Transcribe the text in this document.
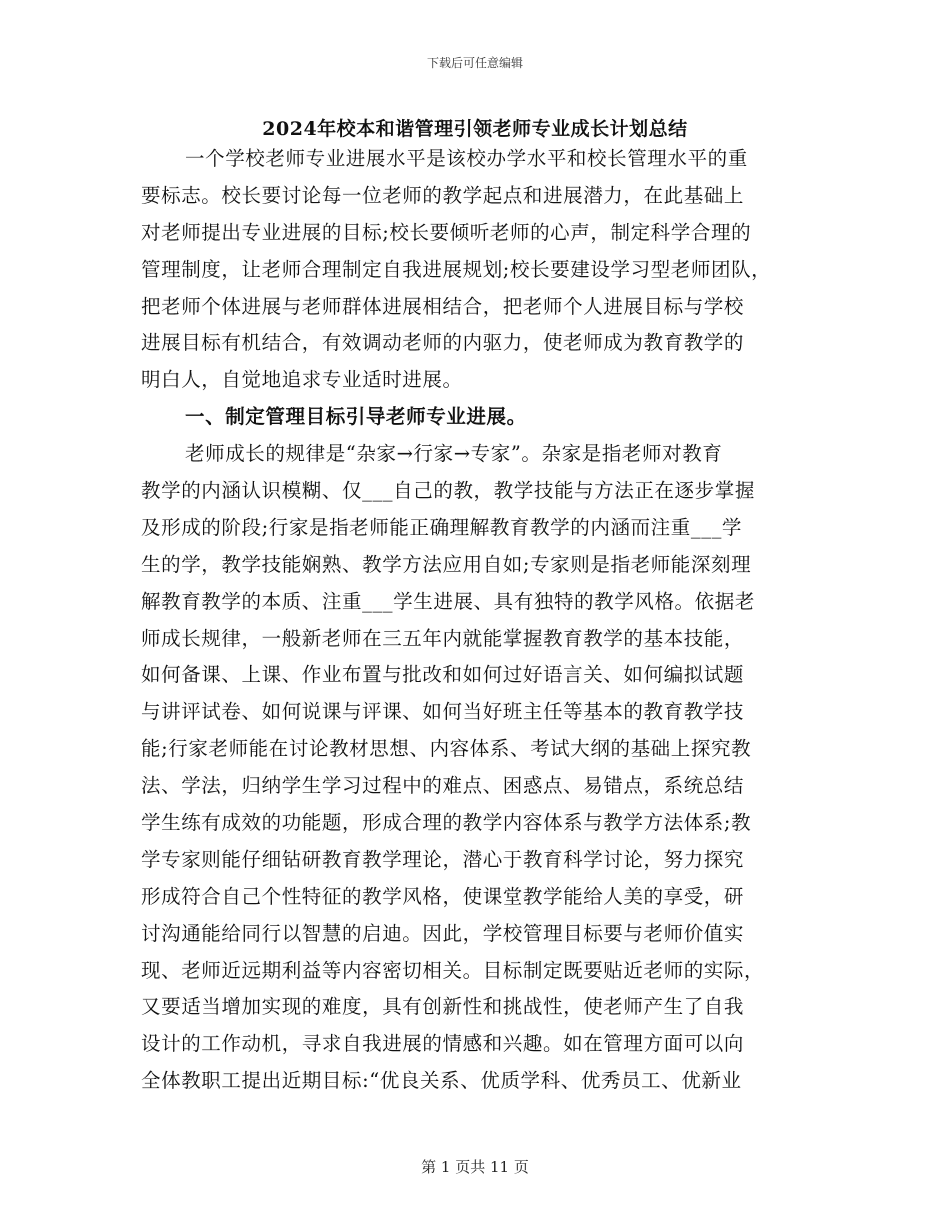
下载后可任意编辑
2024年校本和谐管理引领老师专业成长计划总结
一个学校老师专业进展水平是该校办学水平和校长管理水平的重
要标志。校长要讨论每一位老师的教学起点和进展潜力，在此基础上
对老师提出专业进展的目标;校长要倾听老师的心声，制定科学合理的
管理制度，让老师合理制定自我进展规划;校长要建设学习型老师团队，
把老师个体进展与老师群体进展相结合，把老师个人进展目标与学校
进展目标有机结合，有效调动老师的内驱力，使老师成为教育教学的
明白人，自觉地追求专业适时进展。
一、制定管理目标引导老师专业进展。
老师成长的规律是“杂家→行家→专家”。杂家是指老师对教育
教学的内涵认识模糊、仅___自己的教，教学技能与方法正在逐步掌握
及形成的阶段;行家是指老师能正确理解教育教学的内涵而注重___学
生的学，教学技能娴熟、教学方法应用自如;专家则是指老师能深刻理
解教育教学的本质、注重___学生进展、具有独特的教学风格。依据老
师成长规律，一般新老师在三五年内就能掌握教育教学的基本技能，
如何备课、上课、作业布置与批改和如何过好语言关、如何编拟试题
与讲评试卷、如何说课与评课、如何当好班主任等基本的教育教学技
能;行家老师能在讨论教材思想、内容体系、考试大纲的基础上探究教
法、学法，归纳学生学习过程中的难点、困惑点、易错点，系统总结
学生练有成效的功能题，形成合理的教学内容体系与教学方法体系;教
学专家则能仔细钻研教育教学理论，潜心于教育科学讨论，努力探究
形成符合自己个性特征的教学风格，使课堂教学能给人美的享受，研
讨沟通能给同行以智慧的启迪。因此，学校管理目标要与老师价值实
现、老师近远期利益等内容密切相关。目标制定既要贴近老师的实际，
又要适当增加实现的难度，具有创新性和挑战性，使老师产生了自我
设计的工作动机，寻求自我进展的情感和兴趣。如在管理方面可以向
全体教职工提出近期目标:“优良关系、优质学科、优秀员工、优新业
第 1 页共 11 页
